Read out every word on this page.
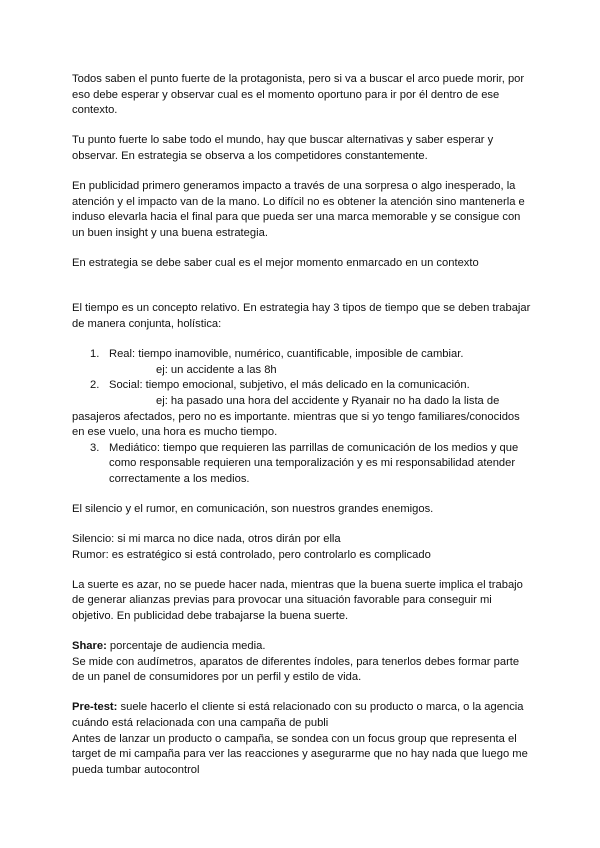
Todos saben el punto fuerte de la protagonista, pero si va a buscar el arco puede morir, por eso debe esperar y observar cual es el momento oportuno para ir por él dentro de ese contexto.

Tu punto fuerte lo sabe todo el mundo, hay que buscar alternativas y saber esperar y observar. En estrategia se observa a los competidores constantemente.

En publicidad primero generamos impacto a través de una sorpresa o algo inesperado, la atención y el impacto van de la mano. Lo difícil no es obtener la atención sino mantenerla e induso elevarla hacia el final para que pueda ser una marca memorable y se consigue con un buen insight y una buena estrategia.

En estrategia se debe saber cual es el mejor momento enmarcado en un contexto

El tiempo es un concepto relativo. En estrategia hay 3 tipos de tiempo que se deben trabajar de manera conjunta, holística:

1. Real: tiempo inamovible, numérico, cuantificable, imposible de cambiar.
ej: un accidente a las 8h
2. Social: tiempo emocional, subjetivo, el más delicado en la comunicación.
ej: ha pasado una hora del accidente y Ryanair no ha dado la lista de
pasajeros afectados, pero no es importante. mientras que si yo tengo familiares/conocidos en ese vuelo, una hora es mucho tiempo.
3. Mediático: tiempo que requieren las parrillas de comunicación de los medios y que como responsable requieren una temporalización y es mi responsabilidad atender correctamente a los medios.

El silencio y el rumor, en comunicación, son nuestros grandes enemigos.

Silencio: si mi marca no dice nada, otros dirán por ella
Rumor: es estratégico si está controlado, pero controlarlo es complicado

La suerte es azar, no se puede hacer nada, mientras que la buena suerte implica el trabajo de generar alianzas previas para provocar una situación favorable para conseguir mi objetivo. En publicidad debe trabajarse la buena suerte.

Share: porcentaje de audiencia media.
Se mide con audímetros, aparatos de diferentes índoles, para tenerlos debes formar parte de un panel de consumidores por un perfil y estilo de vida.

Pre-test: suele hacerlo el cliente si está relacionado con su producto o marca, o la agencia cuándo está relacionada con una campaña de publi
Antes de lanzar un producto o campaña, se sondea con un focus group que representa el target de mi campaña para ver las reacciones y asegurarme que no hay nada que luego me pueda tumbar autocontrol
